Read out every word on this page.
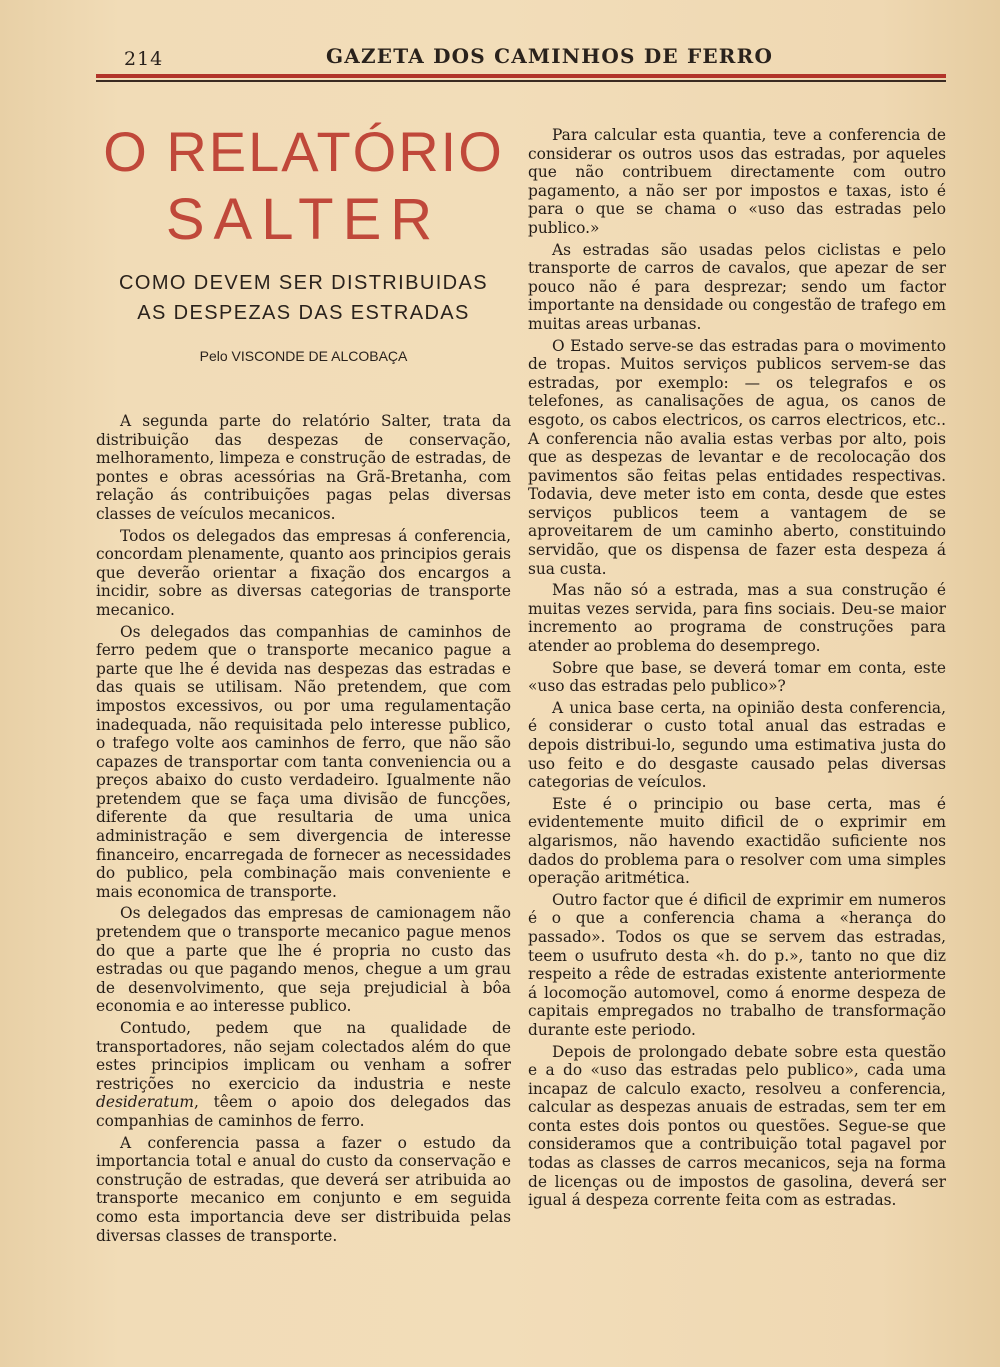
214	GAZETA DOS CAMINHOS DE FERRO
O RELATÓRIO
SALTER
COMO DEVEM SER DISTRIBUIDAS
AS DESPEZAS DAS ESTRADAS
Pelo VISCONDE DE ALCOBAÇA

A segunda parte do relatório Salter, trata da distribuição das despezas de conservação, melhoramento, limpeza e construção de estradas, de pontes e obras acessórias na Grã-Bretanha, com relação ás contribuições pagas pelas diversas classes de veículos mecanicos.

Todos os delegados das empresas á conferencia, concordam plenamente, quanto aos principios gerais que deverão orientar a fixação dos encargos a incidir, sobre as diversas categorias de transporte mecanico.

Os delegados das companhias de caminhos de ferro pedem que o transporte mecanico pague a parte que lhe é devida nas despezas das estradas e das quais se utilisam. Não pretendem, que com impostos excessivos, ou por uma regulamentação inadequada, não requisitada pelo interesse publico, o trafego volte aos caminhos de ferro, que não são capazes de transportar com tanta conveniencia ou a preços abaixo do custo verdadeiro. Igualmente não pretendem que se faça uma divisão de funcções, diferente da que resultaria de uma unica administração e sem divergencia de interesse financeiro, encarregada de fornecer as necessidades do publico, pela combinação mais conveniente e mais economica de transporte.

Os delegados das empresas de camionagem não pretendem que o transporte mecanico pague menos do que a parte que lhe é propria no custo das estradas ou que pagando menos, chegue a um grau de desenvolvimento, que seja prejudicial à bôa economia e ao interesse publico.

Contudo, pedem que na qualidade de transportadores, não sejam colectados além do que estes principios implicam ou venham a sofrer restrições no exercicio da industria e neste desideratum, têem o apoio dos delegados das companhias de caminhos de ferro.

A conferencia passa a fazer o estudo da importancia total e anual do custo da conservação e construção de estradas, que deverá ser atribuida ao transporte mecanico em conjunto e em seguida como esta importancia deve ser distribuida pelas diversas classes de transporte.

Para calcular esta quantia, teve a conferencia de considerar os outros usos das estradas, por aqueles que não contribuem directamente com outro pagamento, a não ser por impostos e taxas, isto é para o que se chama o «uso das estradas pelo publico.»

As estradas são usadas pelos ciclistas e pelo transporte de carros de cavalos, que apezar de ser pouco não é para desprezar; sendo um factor importante na densidade ou congestão de trafego em muitas areas urbanas.

O Estado serve-se das estradas para o movimento de tropas. Muitos serviços publicos servem-se das estradas, por exemplo: — os telegrafos e os telefones, as canalisações de agua, os canos de esgoto, os cabos electricos, os carros electricos, etc.. A conferencia não avalia estas verbas por alto, pois que as despezas de levantar e de recolocação dos pavimentos são feitas pelas entidades respectivas. Todavia, deve meter isto em conta, desde que estes serviços publicos teem a vantagem de se aproveitarem de um caminho aberto, constituindo servidão, que os dispensa de fazer esta despeza á sua custa.

Mas não só a estrada, mas a sua construção é muitas vezes servida, para fins sociais. Deu-se maior incremento ao programa de construções para atender ao problema do desemprego.

Sobre que base, se deverá tomar em conta, este «uso das estradas pelo publico»?

A unica base certa, na opinião desta conferencia, é considerar o custo total anual das estradas e depois distribui-lo, segundo uma estimativa justa do uso feito e do desgaste causado pelas diversas categorias de veículos.

Este é o principio ou base certa, mas é evidentemente muito dificil de o exprimir em algarismos, não havendo exactidão suficiente nos dados do problema para o resolver com uma simples operação aritmética.

Outro factor que é dificil de exprimir em numeros é o que a conferencia chama a «herança do passado». Todos os que se servem das estradas, teem o usufruto desta «h. do p.», tanto no que diz respeito a rêde de estradas existente anteriormente á locomoção automovel, como á enorme despeza de capitais empregados no trabalho de transformação durante este periodo.

Depois de prolongado debate sobre esta questão e a do «uso das estradas pelo publico», cada uma incapaz de calculo exacto, resolveu a conferencia, calcular as despezas anuais de estradas, sem ter em conta estes dois pontos ou questões. Segue-se que consideramos que a contribuição total pagavel por todas as classes de carros mecanicos, seja na forma de licenças ou de impostos de gasolina, deverá ser igual á despeza corrente feita com as estradas.
